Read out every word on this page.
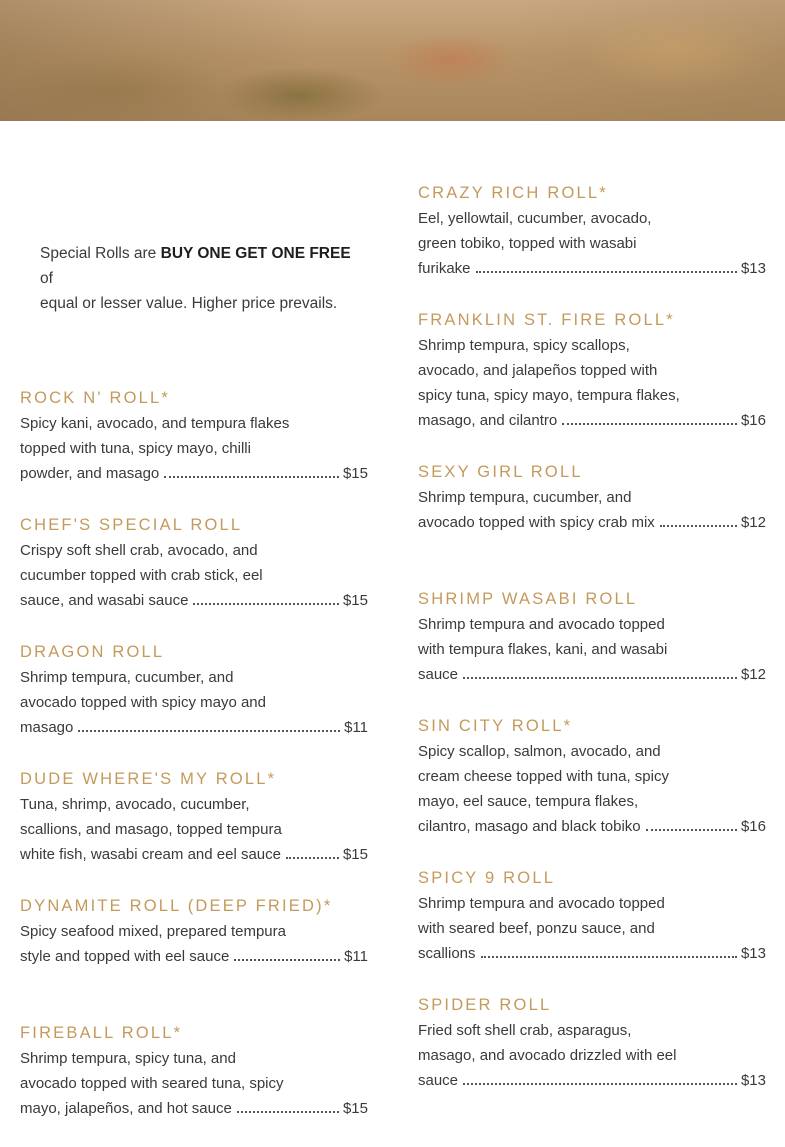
Special Rolls are BUY ONE GET ONE FREE of
equal or lesser value. Higher price prevails.
ROCK N' ROLL*
Spicy kani, avocado, and tempura flakes
topped with tuna, spicy mayo, chilli
powder, and masago	$15
CHEF'S SPECIAL ROLL
Crispy soft shell crab, avocado, and
cucumber topped with crab stick, eel
sauce, and wasabi sauce	$15
DRAGON ROLL
Shrimp tempura, cucumber, and
avocado topped with spicy mayo and
masago	$11
DUDE WHERE'S MY ROLL*
Tuna, shrimp, avocado, cucumber,
scallions, and masago, topped tempura
white fish, wasabi cream and eel sauce	$15
DYNAMITE ROLL (DEEP FRIED)*
Spicy seafood mixed, prepared tempura
style and topped with eel sauce	$11
FIREBALL ROLL*
Shrimp tempura, spicy tuna, and
avocado topped with seared tuna, spicy
mayo, jalapeños, and hot sauce	$15
CRAZY RICH ROLL*
Eel, yellowtail, cucumber, avocado,
green tobiko, topped with wasabi
furikake	$13
FRANKLIN ST. FIRE ROLL*
Shrimp tempura, spicy scallops,
avocado, and jalapeños topped with
spicy tuna, spicy mayo, tempura flakes,
masago, and cilantro	$16
SEXY GIRL ROLL
Shrimp tempura, cucumber, and
avocado topped with spicy crab mix	$12
SHRIMP WASABI ROLL
Shrimp tempura and avocado topped
with tempura flakes, kani, and wasabi
sauce	$12
SIN CITY ROLL*
Spicy scallop, salmon, avocado, and
cream cheese topped with tuna, spicy
mayo, eel sauce, tempura flakes,
cilantro, masago and black tobiko	$16
SPICY 9 ROLL
Shrimp tempura and avocado topped
with seared beef, ponzu sauce, and
scallions	$13
SPIDER ROLL
Fried soft shell crab, asparagus,
masago, and avocado drizzled with eel
sauce	$13
